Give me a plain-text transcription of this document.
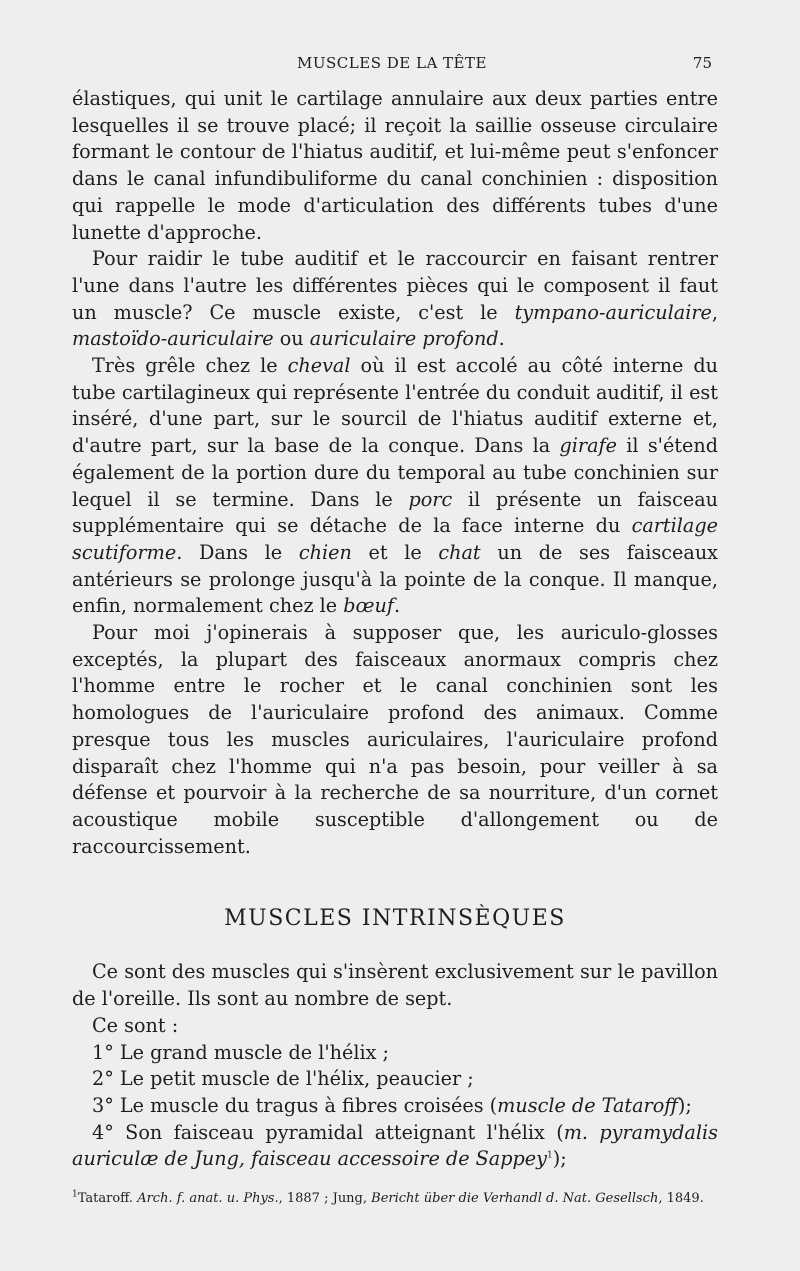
MUSCLES DE LA TÊTE	75

élastiques, qui unit le cartilage annulaire aux deux parties entre lesquelles il se trouve placé; il reçoit la saillie osseuse circulaire formant le contour de l'hiatus auditif, et lui-même peut s'enfoncer dans le canal infundibuliforme du canal conchinien : disposition qui rappelle le mode d'articulation des différents tubes d'une lunette d'approche.

Pour raidir le tube auditif et le raccourcir en faisant rentrer l'une dans l'autre les différentes pièces qui le composent il faut un muscle? Ce muscle existe, c'est le tympano-auriculaire, mastoïdo-auriculaire ou auriculaire profond.

Très grêle chez le cheval où il est accolé au côté interne du tube cartilagineux qui représente l'entrée du conduit auditif, il est inséré, d'une part, sur le sourcil de l'hiatus auditif externe et, d'autre part, sur la base de la conque. Dans la girafe il s'étend également de la portion dure du temporal au tube conchinien sur lequel il se termine. Dans le porc il présente un faisceau supplémentaire qui se détache de la face interne du cartilage scutiforme. Dans le chien et le chat un de ses faisceaux antérieurs se prolonge jusqu'à la pointe de la conque. Il manque, enfin, normalement chez le bœuf.

Pour moi j'opinerais à supposer que, les auriculo-glosses exceptés, la plupart des faisceaux anormaux compris chez l'homme entre le rocher et le canal conchinien sont les homologues de l'auriculaire profond des animaux. Comme presque tous les muscles auriculaires, l'auriculaire profond disparaît chez l'homme qui n'a pas besoin, pour veiller à sa défense et pourvoir à la recherche de sa nourriture, d'un cornet acoustique mobile susceptible d'allongement ou de raccourcissement.

MUSCLES INTRINSÈQUES

Ce sont des muscles qui s'insèrent exclusivement sur le pavillon de l'oreille. Ils sont au nombre de sept.

Ce sont :

1° Le grand muscle de l'hélix ;

2° Le petit muscle de l'hélix, peaucier ;

3° Le muscle du tragus à fibres croisées (muscle de Tataroff);

4° Son faisceau pyramidal atteignant l'hélix (m. pyramydalis auriculæ de Jung, faisceau accessoire de Sappey$^1$);

$^1$Tataroff. Arch. f. anat. u. Phys., 1887 ; Jung, Bericht über die Verhandl d. Nat. Gesellsch, 1849.
